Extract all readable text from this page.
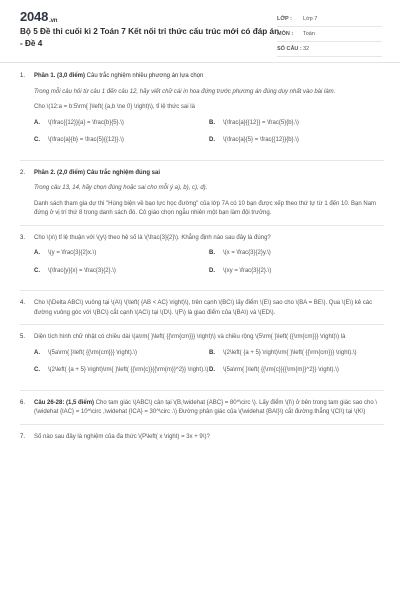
2048.vn
Bộ 5 Đề thi cuối kì 2 Toán 7 Kết nối tri thức cấu trúc mới có đáp án - Đề 4
LỚP :	Lớp 7
MÔN :	Toán
SỐ CÂU : 32
1.	Phần 1. (3,0 điểm) Câu trắc nghiệm nhiều phương án lựa chọn
Trong mỗi câu hỏi từ câu 1 đến câu 12, hãy viết chữ cái in hoa đứng trước phương án đúng duy nhất vào bài làm.
Cho \(12:a = b:5\rm{ }\left( {a,b \ne 0} \right)\), tỉ lệ thức sai là
A.	\(\frac{{12}}{a} = \frac{b}{5}.\)	B.	\(\frac{a}{{12}} = \frac{5}{b}.\)
C.	\(\frac{a}{b} = \frac{5}{{12}}.\)	D.	\(\frac{a}{5} = \frac{{12}}{b}.\)
2.	Phần 2. (2,0 điểm) Câu trắc nghiệm đúng sai
Trong câu 13, 14, hãy chọn đúng hoặc sai cho mỗi ý a), b), c), d).
Danh sách tham gia dự thi "Hùng biện về bạo lực học đường" của lớp 7A có 10 bạn được xếp theo thứ tự từ 1 đến 10. Bạn Nam đứng ở vị trí thứ 8 trong danh sách đó. Cô giáo chọn ngẫu nhiên một bạn làm đội trưởng.
3.	Cho \(x\) tỉ lệ thuận với \(y\) theo hệ số là \(\frac{3}{2}\). Khẳng định nào sau đây là đúng?
A.	\(y = \frac{3}{2}x.\)	B.	\(x = \frac{3}{2}y.\)
C.	\(\frac{y}{x} = \frac{3}{2}.\)	D.	\(xy = \frac{3}{2}.\)
4.	Cho \(\Delta ABC\) vuông tại \(A\) \(\left( {AB < AC} \right)\), trên cạnh \(BC\) lấy điểm \(E\) sao cho \(BA = BE\). Qua \(E\) kẻ các đường vuông góc với \(BC\) cắt cạnh \(AC\) tại \(D\). \(F\) là giao điểm của \(BA\) và \(ED\).
5.	Diện tích hình chữ nhật có chiều dài \(a\rm{ }\left( {{\rm{cm}}} \right)\) và chiều rộng \(5\rm{ }\left( {{\rm{cm}}} \right)\) là
A.	\(5a\rm{ }\left( {{\rm{cm}}} \right).\)	B.	\(2\left( {a + 5} \right)\rm{ }\left( {{\rm{cm}}} \right).\)
C.	\(2\left( {a + 5} \right)\rm{ }\left( {{\rm{c}}{{\rm{m}}^2}} \right).\) D.	\(5a\rm{ }\left( {{\rm{c}}{{\rm{m}}^2}} \right).\)
6.	Câu 26-28: (1,5 điểm) Cho tam giác \(ABC\) cân tại \(B,\widehat {ABC} = 80^\circ \). Lấy điểm \(I\) ở bên trong tam giác sao cho \(\widehat {IAC} = 10^\circ ,\widehat {ICA} = 30^\circ .\) Đường phân giác của \(\widehat {BAI}\) cắt đường thẳng \(CI\) tại \(K\)
7.	Số nào sau đây là nghiệm của đa thức \(P\left( x \right) = 3x + 9\)?
